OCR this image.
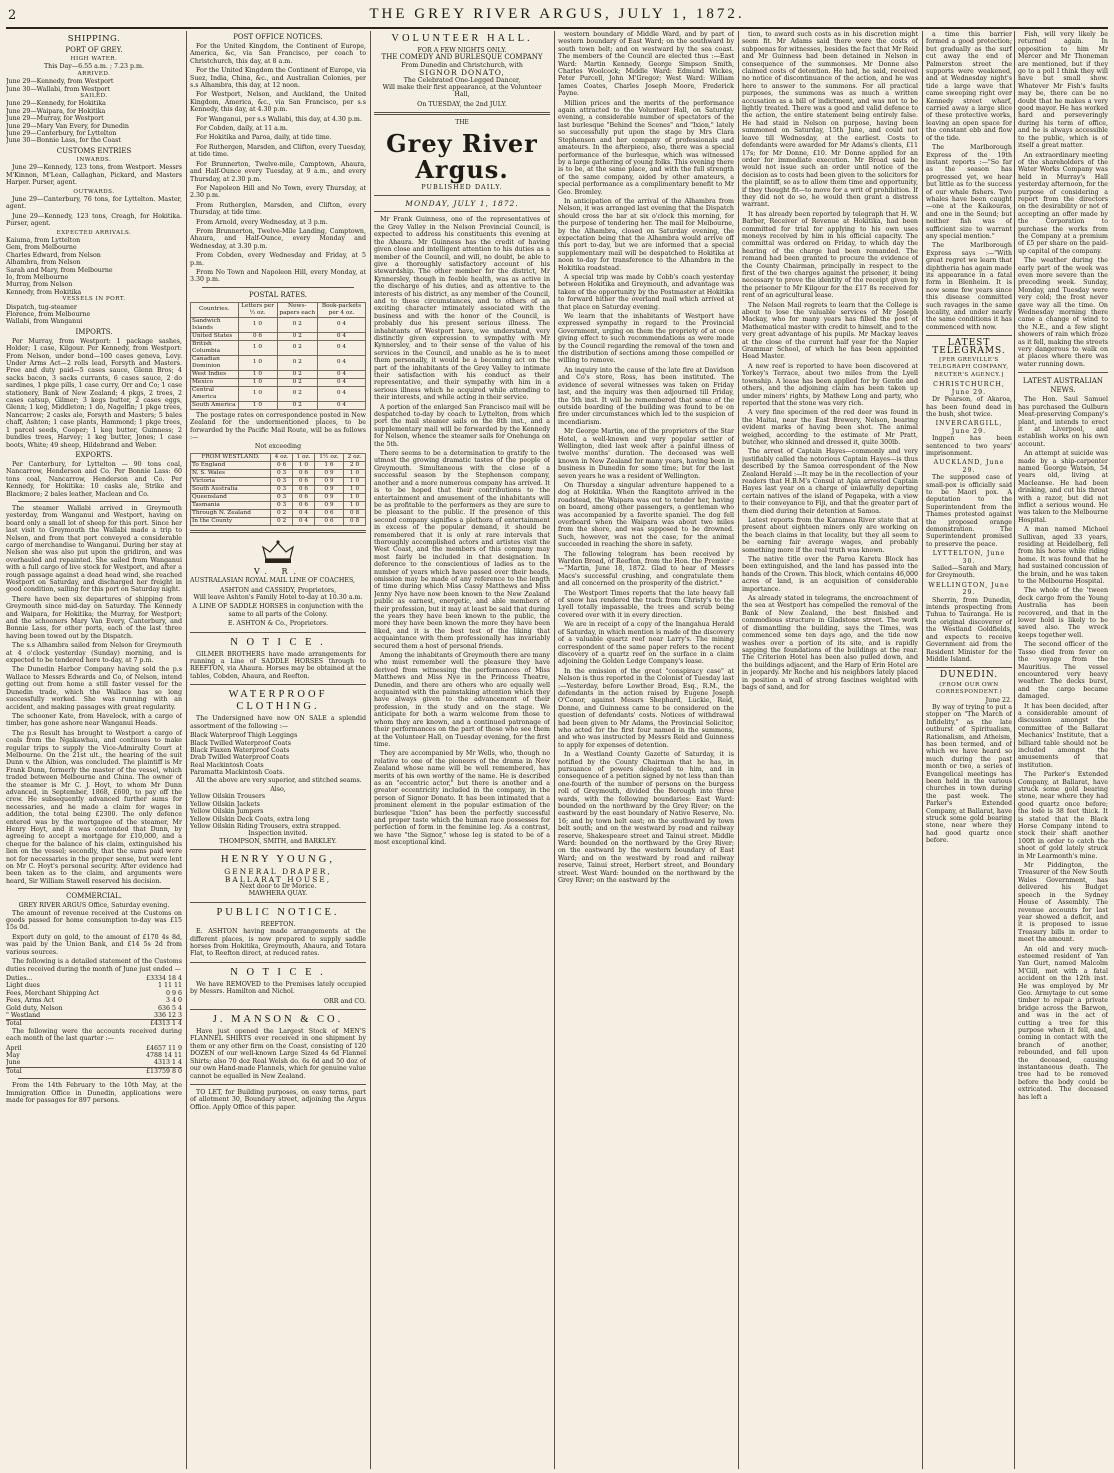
2	THE GREY RIVER ARGUS, JULY 1, 1872.
SHIPPING.
PORT OF GREY.
HIGH WATER.
This Day—6.55 a.m. ; 7.23 p.m.
ARRIVED.
June 29—Kennedy, from Westport
June 30—Wallabi, from Westport
SAILED.
June 29—Kennedy, for Hokitika
June 29—Waipara, for Hokitika
June 29—Murray, for Westport
June 29—Mary Van Every, for Dunedin
June 29—Canterbury, for Lyttelton
June 30—Bonnie Lass, for the Coast
CUSTOMS ENTRIES
INWARDS.

June 29—Kennedy, 123 tons, from Westport. Messrs M'Kinnon, M'Lean, Callaghan, Pickard, and Masters Harper. Purser, agent.

OUTWARDS.

June 29—Canterbury, 76 tons, for Lyttelton. Master, agent.

June 29—Kennedy, 123 tons, Creagh, for Hokitika. Purser, agent.

EXPECTED ARRIVALS.
Kaiuma, from Lyttelton
Gem, from Melbourne
Charles Edward, from Nelson
Alhambra, from Nelson
Sarah and Mary, from Melbourne
Io, from Melbourne
Murray, from Nelson
Kennedy, from Hokitika
VESSELS IN PORT.
Dispatch, tug-steamer
Florence, from Melbourne
Wallabi, from Wanganui
IMPORTS.

Per Murray, from Westport: 1 package sashes, Holder; 1 case, Kilgour. Per Kennedy, from Westport: From Nelson, under bond—100 cases geneva, Levy. Under Arms Act—2 rolls lead, Forsyth and Masters. Free and duty paid—5 cases sauce, Glenn Bros; 4 sacks bacon, 3 sacks currants, 6 cases sauce, 2 do sardines, 1 pkge pills, 1 case curry, Orr and Co; 1 case stationery, Bank of New Zealand; 4 pkgs, 2 trees, 2 cases catsup, Gilmer; 3 kegs butter, 2 cases eggs, Glenn; 1 keg, Middleton; 1 do, Nagelfin; 1 pkge trees, Nancarrow; 2 casks ale, Forsyth and Masters; 5 bales chaff, Ashton; 1 case plants, Hammond; 1 pkge trees, 1 parcel seeds, Cooper; 1 keg butter, Guinness; 2 bundles trees, Harvey; 1 keg butter, Jones; 1 case boots, White; 49 sheep, Hildebrand and Weber.

EXPORTS.

Per Canterbury, for Lyttelton — 90 tons coal, Nancarrow, Henderson and Co. Per Bonnie Lass: 60 tons coal, Nancarrow, Henderson and Co. Per Kennedy, for Hokitika: 10 casks ale, Strike and Blackmore; 2 bales leather, Maclean and Co.

The steamer Wallabi arrived in Greymouth yesterday, from Wanganui and Westport, having on board only a small lot of sheep for this port. Since her last visit to Greymouth the Wallabi made a trip to Nelson, and from that port conveyed a considerable cargo of merchandise to Wanganui. During her stay at Nelson she was also put upon the gridiron, and was overhauled and repainted. She sailed from Wanganui with a full cargo of live stock for Westport, and after a rough passage against a dead head wind, she reached Westport on Saturday, and discharged her freight in good condition, sailing for this port on Saturday night.

There have been six departures of shipping from Greymouth since mid-day on Saturday. The Kennedy and Waipara, for Hokitika; the Murray, for Westport; and the schooners Mary Van Every, Canterbury, and Bonnie Lass, for other ports, each of the last three having been towed out by the Dispatch.

The s.s Alhambra sailed from Nelson for Greymouth at 4 o'clock yesterday (Sunday) morning, and is expected to be tendered here to-day, at 7 p.m.

The Dunedin Harbor Company having sold the p.s Wallace to Messrs Edwards and Co, of Nelson, intend getting out from home a still faster vessel for the Dunedin trade, which the Wallace has so long successfully worked. She was running with an accident, and making passages with great regularity.

The schooner Kate, from Havelock, with a cargo of timber, has gone ashore near Wanganui Heads.

The p.s Result has brought to Westport a cargo of coals from the Ngakawhau, and continues to make regular trips to supply the Vice-Admiralty Court at Melbourne. On the 21st ult., the hearing of the suit Dunn v. the Albion, was concluded. The plaintiff is Mr Frank Dunn, formerly the master of the vessel, which traded between Melbourne and China. The owner of the steamer is Mr C. J. Hoyt, to whom Mr Dunn advanced, in September, 1868, £600, to pay off the crew. He subsequently advanced further sums for necessaries, and he made a claim for wages in addition, the total being £2300. The only defence entered was by the mortgagee of the steamer, Mr Henry Hoyt, and it was contended that Dunn, by agreeing to accept a mortgage for £10,000, and a cheque for the balance of his claim, extinguished his lien on the vessel; secondly, that the sums paid were not for necessaries in the proper sense, but were lent on Mr C. Hoyt's personal security. After evidence had been taken as to the claim, and arguments were heard, Sir William Stawell reserved his decision.

COMMERCIAL.
GREY RIVER ARGUS Office, Saturday evening.

The amount of revenue received at the Customs on goods passed for home consumption to-day was £15 15s 0d.

Export duty on gold, to the amount of £170 4s 8d, was paid by the Union Bank, and £14 5s 2d from various sources.

The following is a detailed statement of the Customs duties received during the month of June just ended —

Duties...	£3334 18 4
Light dues	1 11 11
Fees, Merchant Shipping Act	0 9 6
Fees, Arms Act	3 4 0
Gold duty, Nelson	636 5 4
" Westland	336 12 3
Total	£4313 1 4

The following were the accounts received during each month of the last quarter :—

April	£4657 11 9
May	4788 14 11
June	4313 1 4
Total	£13759 8 0

From the 14th February to the 10th May, at the Immigration Office in Dunedin, applications were made for passages for 897 persons.

POST OFFICE NOTICES.

For the United Kingdom, the Continent of Europe, America, &c, via San Francisco, per coach to Christchurch, this day, at 8 a.m.

For the United Kingdom the Continent of Europe, via Suez, India, China, &c., and Australian Colonies, per s.s Alhambra, this day, at 12 noon.

For Westport, Nelson, and Auckland, the United Kingdom, America, &c., via San Francisco, per s.s Kennedy, this day, at 4.30 p.m.

For Wanganui, per s.s Wallabi, this day, at 4.30 p.m.

For Cobden, daily, at 11 a.m.

For Hokitika and Paroa, daily, at tide time.

For Ruthergen, Marsden, and Clifton, every Tuesday, at tide time.

For Brunnerton, Twelve-mile, Camptown, Ahaura, and Half-Ounce every Tuesday, at 9 a.m., and every Thursday, at 2.30 p.m.

For Napoleon Hill and No Town, every Thursday, at 2.30 p.m.

From Rutherglen, Marsden, and Clifton, every Thursday, at tide time.

From Arnold, every Wednesday, at 3 p.m.

From Brunnerton, Twelve-Mile Landing, Camptown, Ahaura, and Half-Ounce, every Monday and Wednesday, at 3.30 p.m.

From Cobden, every Wednesday and Friday, at 5 p.m.

From No Town and Napoleon Hill, every Monday, at 3.30 p.m.

POSTAL RATES.
Countries.	Letters per ½ oz.	News-papers each	Book-packets per 4 oz.
Sandwich Islands	1 0	0 2	0 4
United States	0 6	0 2	0 4
British Columbia	1 0	0 2	0 4
Canadian Dominion	1 0	0 2	0 4
West Indies	1 0	0 2	0 4
Mexico	1 0	0 2	0 4
Central America	1 0	0 2	0 4
South America	1 0	0 2	0 4

The postage rates on correspondence posted in New Zealand for the undermentioned places, to be forwarded by the Pacific Mail Route, will be as follows :—

Not exceeding
FROM WESTLAND.	4 oz.	1 oz.	1½ oz.	2 oz.
To England	0 6	1 0	1 6	2 0
N. S. Wales	0 3	0 6	0 9	1 0
Victoria	0 3	0 6	0 9	1 0
South Australia	0 3	0 6	0 9	1 0
Queensland	0 3	0 6	0 9	1 0
Tasmania	0 3	0 6	0 9	1 0
Through N. Zealand	0 2	0 4	0 6	0 8
In the County	0 2	0 4	0 6	0 8
V. R.

AUSTRALASIAN ROYAL MAIL LINE OF COACHES,

ASHTON and CASSIDY, Proprietors,

Will leave Ashton's Family Hotel to-day at 10.30 a.m.

A LINE OF SADDLE HORSES in conjunction with the same to all parts of the Colony.

E. ASHTON & Co., Proprietors.
N O T I C E .

GILMER BROTHERS have made arrangements for running a Line of SADDLE HORSES through to REEFTON, via Ahaura. Horses may be obtained at the tables, Cobden, Ahaura, and Reefton.

WATERPROOF CLOTHING.

The Undersigned have now ON SALE a splendid assortment of the following :—

Black Waterproof Thigh Leggings
Black Twilled Waterproof Coats
Black Flaxen Waterproof Coats
Drab Twilled Waterproof Coats
Real Mackintosh Coats
Paramatta Mackintosh Coats.

All the above are very superior, and stitched seams.

Also,
Yellow Oilskin Trousers
Yellow Oilskin Jackets
Yellow Oilskin Jumpers
Yellow Oilskin Deck Coats, extra long
Yellow Oilskin Riding Trousers, extra strapped.
Inspection invited.
THOMPSON, SMITH, and BARKLEY.
HENRY YOUNG,
GENERAL DRAPER,
BALLARAT HOUSE,
Next door to Dr Morice.
MAWHERA QUAY.
PUBLIC NOTICE.
REEFTON.

E. ASHTON having made arrangements at the different places, is now prepared to supply saddle horses from Hokitika, Greymouth, Ahaura, and Totara Flat, to Reefton direct, at reduced rates.

N O T I C E .

We have REMOVED to the Premises lately occupied by Messrs. Hamilton and Nichol.

ORR and CO.
J. MANSON & CO.

Have just opened the Largest Stock of MEN'S FLANNEL SHIRTS ever received in one shipment by them or any other firm on the Coast, consisting of 120 DOZEN of our well-known Large Sized 4s 6d Flannel Shirts; also 70 doz Real Welsh do. 6s 6d and 50 doz of our own Hand-made Flannels, which for genuine value cannot be equalled in New Zealand.

TO LET, for Building purposes, on easy terms, part of allotment 30, Boundary street, adjoining the Argus Office. Apply Office of this paper.

VOLUNTEER HALL.
FOR A FEW NIGHTS ONLY.
THE COMEDY AND BURLESQUE COMPANY
From Dunedin and Christchurch, with
SIGNOR DONATO,
The Celebrated One-Legged Dancer,

Will make their first appearance, at the Volunteer Hall,

On TUESDAY, the 2nd JULY.
THE
Grey River Argus.
PUBLISHED DAILY.
MONDAY, JULY 1, 1872.

Mr Frank Guinness, one of the representatives of the Grey Valley in the Nelson Provincial Council, is expected to address his constituents this evening at the Ahaura. Mr Guinness has the credit of having given close and intelligent attention to his duties as a member of the Council, and will, no doubt, be able to give a thoroughly satisfactory account of his stewardship. The other member for the district, Mr Kynnersley, though in feeble health, was as active in the discharge of his duties, and as attentive to the interests of his district, as any member of the Council, and to these circumstances, and to others of an exciting character intimately associated with the business and with the honor of the Council, is probably due his present serious illness. The inhabitants of Westport have, we understand, very distinctly given expression to sympathy with Mr Kynnersley, and to their sense of the value of his services in the Council, and unable as he is to meet them personally, it would be a becoming act on the part of the inhabitants of the Grey Valley to intimate their satisfaction with his conduct as their representative, and their sympathy with him in a serious illness which he acquired while attending to their interests, and while acting in their service.

A portion of the enlarged San Francisco mail will be despatched to-day by coach to Lyttelton, from which port the mail steamer sails on the 8th inst., and a supplementary mail will be forwarded by the Kennedy for Nelson, whence the steamer sails for Onehunga on the 5th.

There seems to be a determination to gratify to the utmost the growing dramatic tastes of the people of Greymouth. Simultaneous with the close of a successful season by the Stephenson company, another and a more numerous company has arrived. It is to be hoped that their contributions to the entertainment and amusement of the inhabitants will be as profitable to the performers as they are sure to be pleasant to the public. If the presence of this second company signifies a plethora of entertainment in excess of the popular demand, it should be remembered that it is only at rare intervals that thoroughly accomplished actors and artistes visit the West Coast, and the members of this company may most fairly be included in that designation. In deference to the conscientious of ladies as to the number of years which have passed over their heads, omission may be made of any reference to the length of time during which Miss Cassy Matthews and Miss Jenny Nye have now been known to the New Zealand public as earnest, energetic, and able members of their profession, but it may at least be said that during the years they have been known to the public, the more they have been known the more they have been liked, and it is the best test of the liking that acquaintance with them professionally has invariably secured them a host of personal friends.

Among the inhabitants of Greymouth there are many who must remember well the pleasure they have derived from witnessing the performances of Miss Matthews and Miss Nye in the Princess Theatre, Dunedin, and there are others who are equally well acquainted with the painstaking attention which they have always given to the advancement of their profession, in the study and on the stage. We anticipate for both a warm welcome from those to whom they are known, and a continued patronage of their performances on the part of those who see them at the Volunteer Hall, on Tuesday evening, for the first time.

They are accompanied by Mr Wells, who, though no relative to one of the pioneers of the drama in New Zealand whose name will be well remembered, has merits of his own worthy of the name. He is described as an "eccentric actor," but there is another and a greater eccentricity included in the company, in the person of Signor Donato. It has been intimated that a prominent element in the popular estimation of the burlesque "Ixion" has been the perfectly successful and proper taste which the human race possesses for perfection of form in the feminine leg. As a contrast, we have "the Signor," whose leg is stated to be of a most exceptional kind.

western boundary of Middle Ward, and by part of western boundary of East Ward; on the southward by south town belt; and on westward by the sea coast. The members of the Council are elected thus :—East Ward: Martin Kennedy, George Simpson Smith, Charles Woolcock; Middle Ward: Edmund Wickes, Peter Purcell, John M'Gregor; West Ward: William James Coates, Charles Joseph Moore, Frederick Payne.

Million prices and the merits of the performance again attracted to the Volunteer Hall, on Saturday evening, a considerable number of spectators of the last burlesque "Behind the Scenes" and "Ixion," lately so successfully put upon the stage by Mrs Clara Stephenson and her company of professionals and amateurs. In the afterpiece, also, there was a special performance of the burlesque, which was witnessed by a large gathering of young folks. This evening there is to be, at the same place, and with the full strength of the same company, aided by other amateurs, a special performance as a complimentary benefit to Mr Geo. Bromley.

In anticipation of the arrival of the Alhambra from Nelson, it was arranged last evening that the Dispatch should cross the bar at six o'clock this morning, for the purpose of tendering her. The mail for Melbourne, by the Alhambra, closed on Saturday evening, the expectation being that the Alhambra would arrive off this port to-day, but we are informed that a special supplementary mail will be despatched to Hokitika at noon to-day for transference to the Alhambra in the Hokitika roadstead.

A special trip was made by Cobb's coach yesterday between Hokitika and Greymouth, and advantage was taken of the opportunity by the Postmaster at Hokitika to forward hither the overland mail which arrived at that place on Saturday evening.

We learn that the inhabitants of Westport have expressed sympathy in regard to the Provincial Government, urging on them the propriety of at once giving effect to such recommendations as were made by the Council regarding the removal of the town and the distribution of sections among those compelled or willing to remove.

An inquiry into the cause of the late fire at Davidson and Co's store, Ross, has been instituted. The evidence of several witnesses was taken on Friday last, and the inquiry was then adjourned till Friday, the 5th inst. It will be remembered that some of the outside boarding of the building was found to be on fire under circumstances which led to the suspicion of incendiarism.

Mr George Martin, one of the proprietors of the Star Hotel, a well-known and very popular settler of Wellington, died last week after a painful illness of twelve months' duration. The deceased was well known in New Zealand for many years, having been in business in Dunedin for some time; but for the last seven years he was a resident of Wellington.

On Thursday a singular adventure happened to a dog at Hokitika. When the Rangitoto arrived in the roadstead, the Waipara was out to tender her, having on board, among other passengers, a gentleman who was accompanied by a favorite spaniel. The dog fell overboard when the Waipara was about two miles from the shore, and was supposed to be drowned. Such, however, was not the case, for the animal succeeded in reaching the shore in safety.

The following telegram has been received by Warden Broad, of Reefton, from the Hon. the Premier :—"Martin, June 18, 1872. Glad to hear of Messrs Macs's successful crushing, and congratulate them and all concerned on the prosperity of the district."

The Westport Times reports that the late heavy fall of snow has rendered the track from Christy's to the Lyell totally impassable, the trees and scrub being covered over with it in every direction.

We are in receipt of a copy of the Inangahua Herald of Saturday, in which mention is made of the discovery of a valuable quartz reef near Larry's. The mining correspondent of the same paper refers to the recent discovery of a quartz reef on the surface in a claim adjoining the Golden Ledge Company's lease.

In the emission of the great "conspiracy case" at Nelson is thus reported in the Colonist of Tuesday last :—Yesterday, before Lowther Broad, Esq., R.M., the defendants in the action raised by Eugene Joseph O'Conor, against Messrs Shephard, Luckie, Reid, Donne, and Guinness came to be considered on the question of defendants' costs. Notices of withdrawal had been given to Mr Adams, the Provincial Solicitor, who acted for the first four named in the summons, and who was instructed by Messrs Reid and Guinness to apply for expenses of detention.

In a Westland County Gazette of Saturday, it is notified by the County Chairman that he has, in pursuance of powers delegated to him, and in consequence of a petition signed by not less than than one-fourth of the number of persons on the burgess roll of Greymouth, divided the Borough into three wards, with the following boundaries: East Ward: bounded on the northward by the Grey River; on the eastward by the east boundary of Native Reserve, No. 16; and by town belt east; on the southward by town belt south; and on the westward by road and railway reserve, Shakespeare street and Tainui street. Middle Ward: bounded on the northward by the Grey River; on the eastward by the western boundary of East Ward; and on the westward by road and railway reserve, Tainui street, Herbert street, and Boundary street. West Ward: bounded on the northward by the Grey River; on the eastward by the

tion, to award such costs as in his discretion might seem fit. Mr Adams said there were the costs of subpoenas for witnesses, besides the fact that Mr Reid and Mr Guinness had been detained in Nelson in consequence of the summonses. Mr Donne also claimed costs of detention. He had, he said, received no notice of discontinuance of the action, and he was here to answer to the summons. For all practical purposes, the summons was as much a written accusation as a bill of indictment, and was not to be lightly treated. There was a good and valid defence to the action, the entire statement being entirely false. He had staid in Nelson on purpose, having been summoned on Saturday, 15th June, and could not leave till Wednesday, at the earliest. Costs to defendants were awarded for Mr Adams's clients, £11 17s; for Mr Donne, £10. Mr Donne applied for an order for immediate execution. Mr Broad said he would not issue such an order until notice of the decision as to costs had been given to the solicitors for the plaintiff, so as to allow them time and opportunity, if they thought fit—to move for a writ of prohibition. If they did not do so, he would then grant a distress warrant.

It has already been reported by telegraph that H. W. Barber, Receiver of Revenue at Hokitika, had been committed for trial for applying to his own uses moneys received by him in his official capacity. The committal was ordered on Friday, to which day the hearing of the charge had been remanded. The remand had been granted to procure the evidence of the County Chairman, principally in respect to the first of the two charges against the prisoner, it being necessary to prove the identity of the receipt given by the prisoner to Mr Kilgour for the £17 8s received for rent of an agricultural lease.

The Nelson Mail regrets to learn that the College is about to lose the valuable services of Mr Joseph Mackay, who for many years has filled the post of Mathematical master with credit to himself, and to the very great advantage of his pupils. Mr Mackay leaves at the close of the current half year for the Napier Grammar School, of which he has been appointed Head Master.

A new reef is reported to have been discovered at Yorkey's Terrace, about two miles from the Lyell township. A lease has been applied for by Gentle and others, and the adjoining claim has been taken up under miners' rights, by Mathew Long and party, who reported that the stone was very rich.

A very fine specimen of the red deer was found in the Maitai, near the East Brewery, Nelson, bearing evident marks of having been shot. The animal weighed, according to the estimate of Mr Pratt, butcher, who skinned and dressed it, quite 300lb.

The arrest of Captain Hayes—commonly and very justifiably called the notorious Captain Hayes—is thus described by the Samoa correspondent of the New Zealand Herald :—It may be in the recollection of your readers that H.B.M's Consul at Apia arrested Captain Hayes last year on a charge of unlawfully deporting certain natives of the island of Pegapeka, with a view to their conveyance to Fiji, and that the greater part of them died during their detention at Samoa.

Latest reports from the Karamea River state that at present about eighteen miners only are working on the beach claims in that locality, but they all seem to be earning fair average wages, and probably something more if the real truth was known.

The native title over the Paroa Karetu Block has been extinguished, and the land has passed into the hands of the Crown. This block, which contains 46,000 acres of land, is an acquisition of considerable importance.

As already stated in telegrams, the encroachment of the sea at Westport has compelled the removal of the Bank of New Zealand, the best finished and commodious structure in Gladstone street. The work of dismantling the building, says the Times, was commenced some ten days ago, and the tide now washes over a portion of its site, and is rapidly sapping the foundations of the buildings at the rear. The Criterion Hotel has been also pulled down, and the buildings adjacent, and the Harp of Erin Hotel are in jeopardy. Mr Roche and his neighbors lately placed in position a wall of strong fascines weighted with bags of sand, and for

a time this barrier formed a good protection; but gradually as the surf cut away the end of Palmerston street the supports were weakened, and at Wednesday night's tide a large wave that came sweeping right over Kennedy street wharf, carried away a large slice of these protective works, leaving an open space for the constant ebb and flow of the tide.

The Marlborough Express of the 19th instant reports :—"So far as the season has progressed yet, we hear but little as to the success of our whale fishers. Two whales have been caught—one at the Kaikouras, and one in the Sound; but neither fish was of sufficient size to warrant any special mention."

The Marlborough Express says :—"With great regret we learn that diphtheria has again made its appearance in a fatal form in Blenheim. It is now some few years since this disease committed such ravages in the same locality, and under nearly the same conditions it has commenced with now.

LATEST TELEGRAMS.
[PER GREVILLE'S TELEGRAPH COMPANY, REUTER'S AGENCY.]
CHRISTCHURCH, June 29.

Dr Pearson, of Akaroa, has been found dead in the bush, shot twice.

INVERCARGILL, June 29.

Ingpen has been sentenced to two years' imprisonment.

AUCKLAND, June 29.

The supposed case of small-pox is officially said to be Maori pox. A deputation to the Superintendent from the Thames protested against the proposed orange demonstration. The Superintendent promised to preserve the peace.

LYTTELTON, June 30.

Sailed—Sarah and Mary, for Greymouth.

WELLINGTON, June 29.

Sherrin, from Dunedin, intends prospecting from Tuhua to Tauranga. He is the original discoverer of the Westland Goldfields, and expects to receive Government aid from the Resident Minister for the Middle Island.

DUNEDIN.
(FROM OUR OWN CORRESPONDENT.)
June 22.

By way of trying to put a stopper on "The March of Infidelity," as the late outburst of Spiritualism, Rationalism, and Atheism, has been termed, and of which we have heard so much during the past month or two, a series of Evangelical meetings has been held in the various churches in town during the past week. The Parker's Extended Company, at Ballarat, have struck some gold bearing stone, near where they had good quartz once before.

Fish, will very likely be returned again. In opposition to him Mr Mercer and Mr Thoneman are mentioned, but if they go to a poll I think they will have but small show. Whatever Mr Fish's faults may be, there can be no doubt that he makes a very good mayor. He has worked hard and perseveringly during his term of office, and he is always accessible to the public, which is of itself a great matter.

An extraordinary meeting of the shareholders of the Water Works Company was held in Murray's Hall yesterday afternoon, for the purpose of considering a report from the directors on the desirability or not of accepting an offer made by the Corporation to purchase the works from the Company at a premium of £5 per share on the paid-up capital of the company.

The weather during the early part of the week was even more severe than the preceding week. Sunday, Monday, and Tuesday were very cold; the frost never gave way all the time. On Wednesday morning there came a change of wind to the N.E., and a few slight showers of rain which froze as it fell, making the streets very dangerous to walk on at places where there was water running down.

LATEST AUSTRALIAN NEWS.

The Hon. Saul Samuel has purchased the Gulburn Meat-preserving Company's plant, and intends to erect it at Liverpool, and establish works on his own account.

An attempt at suicide was made by a ship-carpenter named George Watson, 54 years old, living at Macleanse. He had been drinking, and cut his throat with a razor, but did not inflict a serious wound. He was taken to the Melbourne Hospital.

A man named Michael Sullivan, aged 33 years, residing at Heidelberg, fell from his horse while riding home. It was found that he had sustained concussion of the brain, and he was taken to the Melbourne Hospital.

The whole of the 'tween deck cargo from the Young Australia has been recovered, and that in the lower hold is likely to be saved also. The wreck keeps together well.

The second officer of the Tasso died from fever on the voyage from the Mauritius. The vessel encountered very heavy weather. The decks burst, and the cargo became damaged.

It has been decided, after a considerable amount of discussion amongst the committee of the Ballarat Mechanics' Institute, that a billiard table should not be included amongst the amusements of that institution.

The Parker's Extended Company, at Ballarat, have struck some gold bearing stone, near where they had good quartz once before; the lode is 38 feet thick. It is stated that the Black Horse Company intend to stock their shaft another 100ft in order to catch the shoot of gold lately struck in Mr Learmonth's mine.

Mr Piddington, the Treasurer of the New South Wales Government, has delivered his Budget speech in the Sydney House of Assembly. The revenue accounts for last year showed a deficit, and it is proposed to issue Treasury bills in order to meet the amount.

An old and very much-esteemed resident of Yan Yan Gurt, named Malcolm M'Gill, met with a fatal accident on the 12th inst. He was employed by Mr Geo. Armytage to cut some timber to repair a private bridge across the Barwon, and was in the act of cutting a tree for this purpose when it fell, and, coming in contact with the branch of another, rebounded, and fell upon the deceased, causing instantaneous death. The tree had to be removed before the body could be extricated. The deceased has left a
